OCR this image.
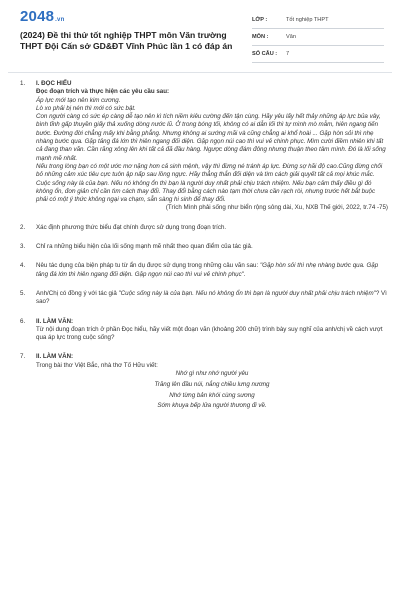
2048.vn
(2024) Đề thi thử tốt nghiệp THPT môn Văn trường THPT Đội Cấn sở GD&ĐT Vĩnh Phúc lần 1 có đáp án
LỚP :	Tốt nghiệp THPT
MÔN :	Văn
SỐ CÂU : 7
1. I. ĐỌC HIỂU
Đọc đoạn trích và thực hiện các yêu cầu sau:

Áp lực mới tạo nên kim cương.

Lò xo phải bị nén thì mới có sức bật.

Con người càng có sức ép càng dễ tạo nên kì tích niềm kiêu cường đến tận cùng. Hãy yêu lấy hết thảy những áp lực bủa vây, bình tĩnh gấp thuyền giấy thả xuống dòng nước lũ. Ở trong bóng tối, không có ai dẫn lối thì tự mình mò mẫm, hiên ngang tiến bước. Đường đời chẳng mấy khi bằng phẳng. Nhưng không ai sướng mãi và cũng chẳng ai khổ hoài ... Gặp hòn sỏi thì nhẹ nhàng bước qua. Gặp tảng đá lớn thì hiên ngang đối diện. Gặp ngọn núi cao thì vui vẻ chinh phục. Mìm cười điềm nhiên khi tất cả đang than vãn. Cần răng xông lên khi tất cả đã đầu hàng. Ngược dòng đám đông nhưng thuận theo tâm mình. Đó là lối sống mạnh mẽ nhất.

Nếu trong lòng bạn có một ước mơ nặng hơn cả sinh mệnh, vậy thì đừng né tránh áp lực. Đừng sợ hãi độ cao.Cũng đừng chối bỏ những cảm xúc tiêu cực tuôn ập nấp sau lồng ngực. Hãy thẳng thắn đối diện và tìm cách giải quyết tất cả mọi khúc mắc. Cuộc sống này là của bạn. Nếu nó không ổn thì bạn là người duy nhất phải chịu trách nhiệm. Nếu bạn cảm thấy điều gì đó không ổn, đơn giản chỉ cần tìm cách thay đổi. Thay đổi bằng cách nào tạm thời chưa cần rạch ròi, nhưng trước hết bắt buộc phải có một ý thức không ngại va chạm, sẵn sàng hi sinh để thay đổi.

(Trích Mình phải sống như biển rộng sông dài, Xu, NXB Thế giới, 2022, tr.74 -75)

2. Xác định phương thức biểu đạt chính được sử dụng trong đoạn trích.
3. Chỉ ra những biểu hiện của lối sống mạnh mẽ nhất theo quan điểm của tác giả.
4. Nêu tác dụng của biện pháp tu từ ẩn dụ được sử dụng trong những câu văn sau: "Gặp hòn sỏi thì nhẹ nhàng bước qua. Gặp tảng đá lớn thì hiên ngang đối diện. Gặp ngọn núi cao thì vui vẻ chinh phục".
5. Anh/Chị có đồng ý với tác giả "Cuộc sống này là của bạn. Nếu nó không ổn thì bạn là người duy nhất phải chịu trách nhiệm"? Vì sao?
6. II. LÀM VĂN:
Từ nội dung đoạn trích ở phần Đọc hiểu, hãy viết một đoạn văn (khoảng 200 chữ) trình bày suy nghĩ của anh/chị về cách vượt qua áp lực trong cuộc sống?
7. II. LÀM VĂN:
Trong bài thơ Việt Bắc, nhà thơ Tố Hữu viết:

Nhớ gì như nhớ người yêu

Trăng lên đầu núi, nắng chiều lưng nương

Nhớ từng bản khói cùng sương

Sớm khuya bếp lửa người thương đi về.
